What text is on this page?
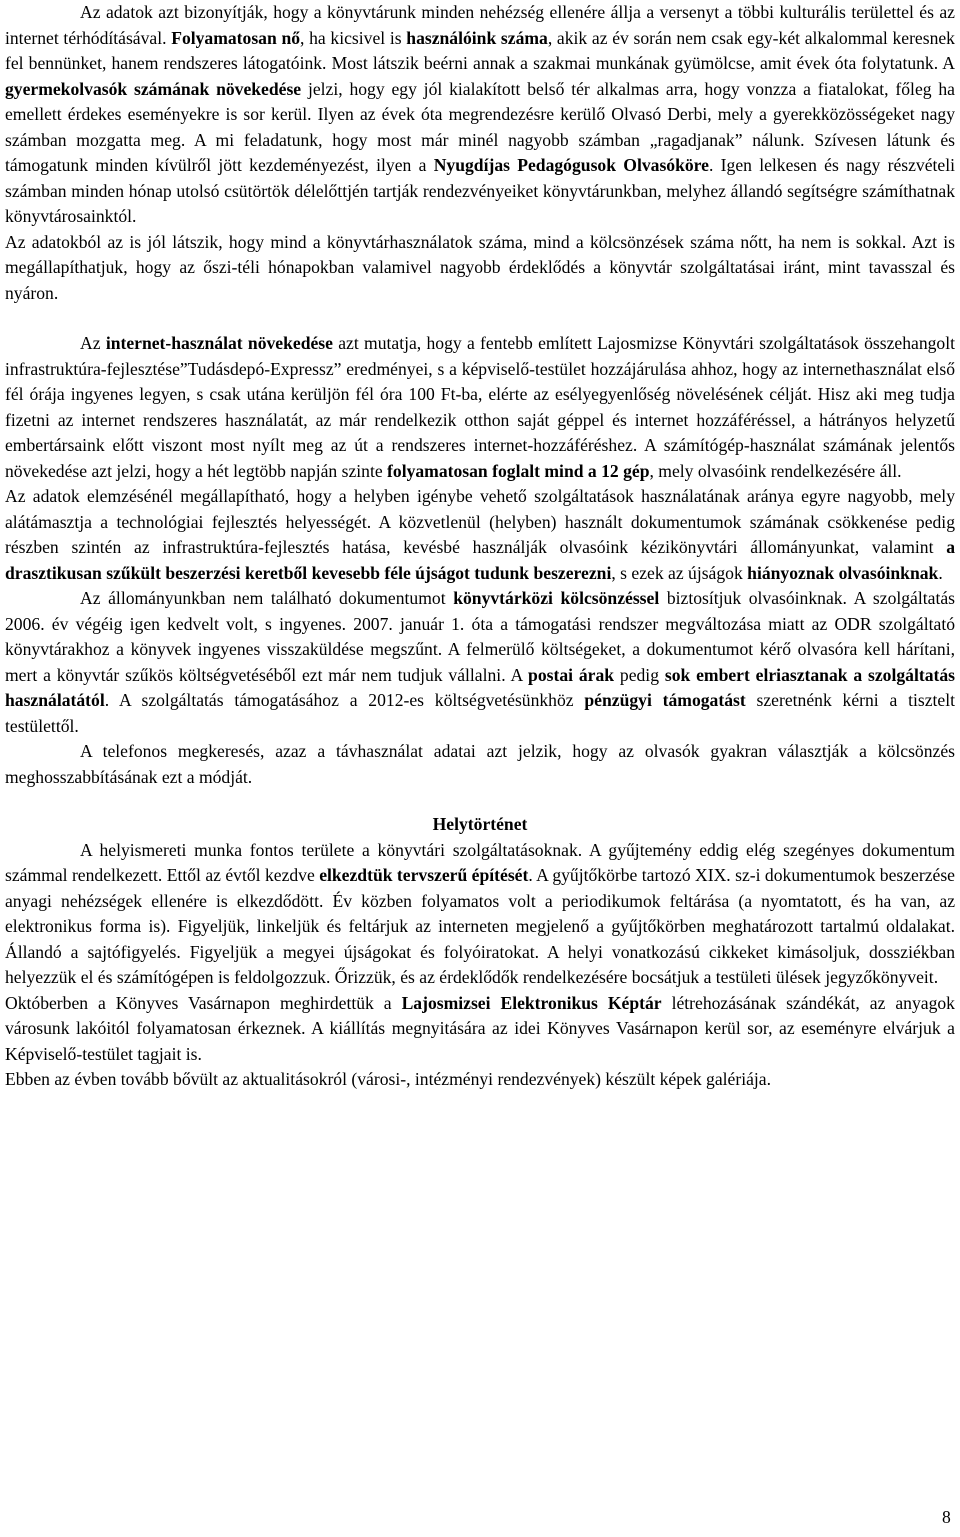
Az adatok azt bizonyítják, hogy a könyvtárunk minden nehézség ellenére állja a versenyt a többi kulturális területtel és az internet térhódításával. Folyamatosan nő, ha kicsivel is használóink száma, akik az év során nem csak egy-két alkalommal keresnek fel bennünket, hanem rendszeres látogatóink. Most látszik beérni annak a szakmai munkának gyümölcse, amit évek óta folytatunk. A gyermekolvasók számának növekedése jelzi, hogy egy jól kialakított belső tér alkalmas arra, hogy vonzza a fiatalokat, főleg ha emellett érdekes eseményekre is sor kerül. Ilyen az évek óta megrendezésre kerülő Olvasó Derbi, mely a gyerekközösségeket nagy számban mozgatta meg. A mi feladatunk, hogy most már minél nagyobb számban „ragadjanak” nálunk. Szívesen látunk és támogatunk minden kívülről jött kezdeményezést, ilyen a Nyugdíjas Pedagógusok Olvasóköre. Igen lelkesen és nagy részvételi számban minden hónap utolsó csütörtök délelőttjén tartják rendezvényeiket könyvtárunkban, melyhez állandó segítségre számíthatnak könyvtárosainktól.

Az adatokból az is jól látszik, hogy mind a könyvtárhasználatok száma, mind a kölcsönzések száma nőtt, ha nem is sokkal. Azt is megállapíthatjuk, hogy az őszi-téli hónapokban valamivel nagyobb érdeklődés a könyvtár szolgáltatásai iránt, mint tavasszal és nyáron.

Az internet-használat növekedése azt mutatja, hogy a fentebb említett Lajosmizse Könyvtári szolgáltatások összehangolt infrastruktúra-fejlesztése”Tudásdepó-Expressz” eredményei, s a képviselő-testület hozzájárulása ahhoz, hogy az internethasználat első fél órája ingyenes legyen, s csak utána kerüljön fél óra 100 Ft-ba, elérte az esélyegyenlőség növelésének célját. Hisz aki meg tudja fizetni az internet rendszeres használatát, az már rendelkezik otthon saját géppel és internet hozzáféréssel, a hátrányos helyzetű embertársaink előtt viszont most nyílt meg az út a rendszeres internet-hozzáféréshez. A számítógép-használat számának jelentős növekedése azt jelzi, hogy a hét legtöbb napján szinte folyamatosan foglalt mind a 12 gép, mely olvasóink rendelkezésére áll.

Az adatok elemzésénél megállapítható, hogy a helyben igénybe vehető szolgáltatások használatának aránya egyre nagyobb, mely alátámasztja a technológiai fejlesztés helyességét. A közvetlenül (helyben) használt dokumentumok számának csökkenése pedig részben szintén az infrastruktúra-fejlesztés hatása, kevésbé használják olvasóink kézikönyvtári állományunkat, valamint a drasztikusan szűkült beszerzési keretből kevesebb féle újságot tudunk beszerezni, s ezek az újságok hiányoznak olvasóinknak.

Az állományunkban nem található dokumentumot könyvtárközi kölcsönzéssel biztosítjuk olvasóinknak. A szolgáltatás 2006. év végéig igen kedvelt volt, s ingyenes. 2007. január 1. óta a támogatási rendszer megváltozása miatt az ODR szolgáltató könyvtárakhoz a könyvek ingyenes visszaküldése megszűnt. A felmerülő költségeket, a dokumentumot kérő olvasóra kell hárítani, mert a könyvtár szűkös költségvetéséből ezt már nem tudjuk vállalni. A postai árak pedig sok embert elriasztanak a szolgáltatás használatától. A szolgáltatás támogatásához a 2012-es költségvetésünkhöz pénzügyi támogatást szeretnénk kérni a tisztelt testülettől.

A telefonos megkeresés, azaz a távhasználat adatai azt jelzik, hogy az olvasók gyakran választják a kölcsönzés meghosszabbításának ezt a módját.

Helytörténet

A helyismereti munka fontos területe a könyvtári szolgáltatásoknak. A gyűjtemény eddig elég szegényes dokumentum számmal rendelkezett. Ettől az évtől kezdve elkezdtük tervszerű építését. A gyűjtőkörbe tartozó XIX. sz-i dokumentumok beszerzése anyagi nehézségek ellenére is elkezdődött. Év közben folyamatos volt a periodikumok feltárása (a nyomtatott, és ha van, az elektronikus forma is). Figyeljük, linkeljük és feltárjuk az interneten megjelenő a gyűjtőkörben meghatározott tartalmú oldalakat. Állandó a sajtófigyelés. Figyeljük a megyei újságokat és folyóiratokat. A helyi vonatkozású cikkeket kimásoljuk, dossziékban helyezzük el és számítógépen is feldolgozzuk. Őrizzük, és az érdeklődők rendelkezésére bocsátjuk a testületi ülések jegyzőkönyveit.

Októberben a Könyves Vasárnapon meghirdettük a Lajosmizsei Elektronikus Képtár létrehozásának szándékát, az anyagok városunk lakóitól folyamatosan érkeznek. A kiállítás megnyitására az idei Könyves Vasárnapon kerül sor, az eseményre elvárjuk a Képviselő-testület tagjait is.

Ebben az évben tovább bővült az aktualitásokról (városi-, intézményi rendezvények) készült képek galériája.

8
